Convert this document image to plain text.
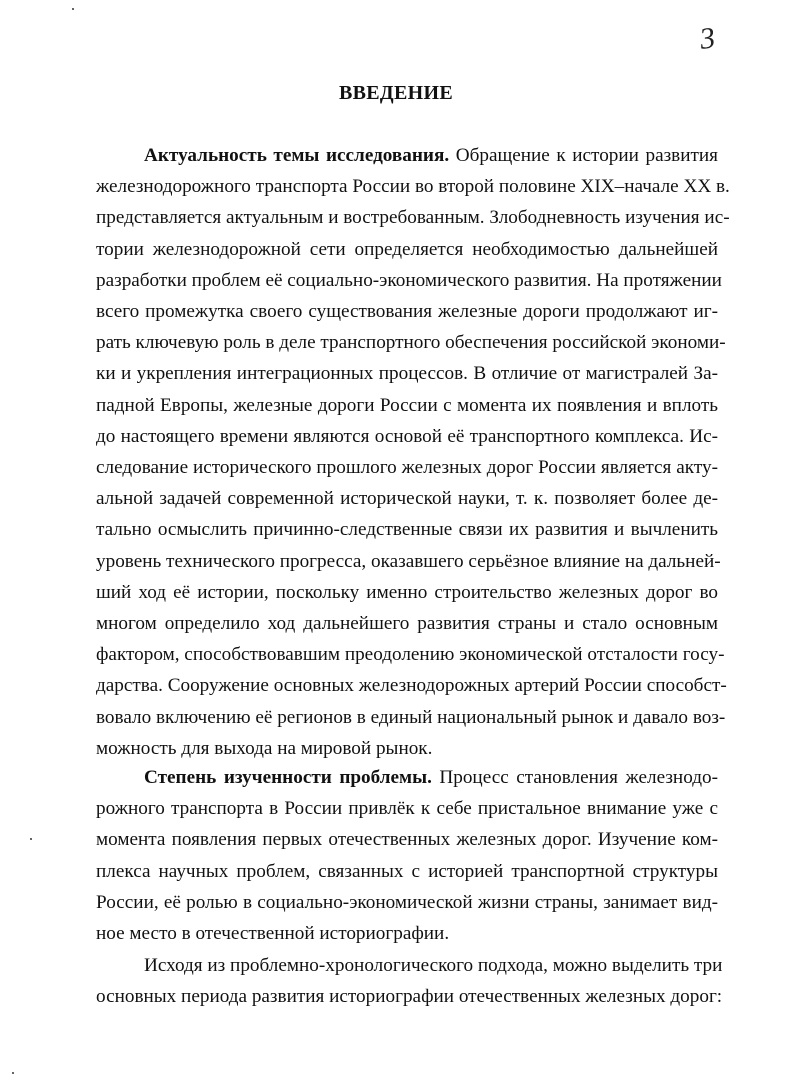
3
ВВЕДЕНИЕ
Актуальность темы исследования. Обращение к истории развития
железнодорожного транспорта России во второй половине XIX–начале XX в.
представляется актуальным и востребованным. Злободневность изучения ис-
тории железнодорожной сети определяется необходимостью дальнейшей
разработки проблем её социально-экономического развития. На протяжении
всего промежутка своего существования железные дороги продолжают иг-
рать ключевую роль в деле транспортного обеспечения российской экономи-
ки и укрепления интеграционных процессов. В отличие от магистралей За-
падной Европы, железные дороги России с момента их появления и вплоть
до настоящего времени являются основой её транспортного комплекса. Ис-
следование исторического прошлого железных дорог России является акту-
альной задачей современной исторической науки, т. к. позволяет более де-
тально осмыслить причинно-следственные связи их развития и вычленить
уровень технического прогресса, оказавшего серьёзное влияние на дальней-
ший ход её истории, поскольку именно строительство железных дорог во
многом определило ход дальнейшего развития страны и стало основным
фактором, способствовавшим преодолению экономической отсталости госу-
дарства. Сооружение основных железнодорожных артерий России способст-
вовало включению её регионов в единый национальный рынок и давало воз-
можность для выхода на мировой рынок.
Степень изученности проблемы. Процесс становления железнодо-
рожного транспорта в России привлёк к себе пристальное внимание уже с
момента появления первых отечественных железных дорог. Изучение ком-
плекса научных проблем, связанных с историей транспортной структуры
России, её ролью в социально-экономической жизни страны, занимает вид-
ное место в отечественной историографии.
Исходя из проблемно-хронологического подхода, можно выделить три
основных периода развития историографии отечественных железных дорог:
